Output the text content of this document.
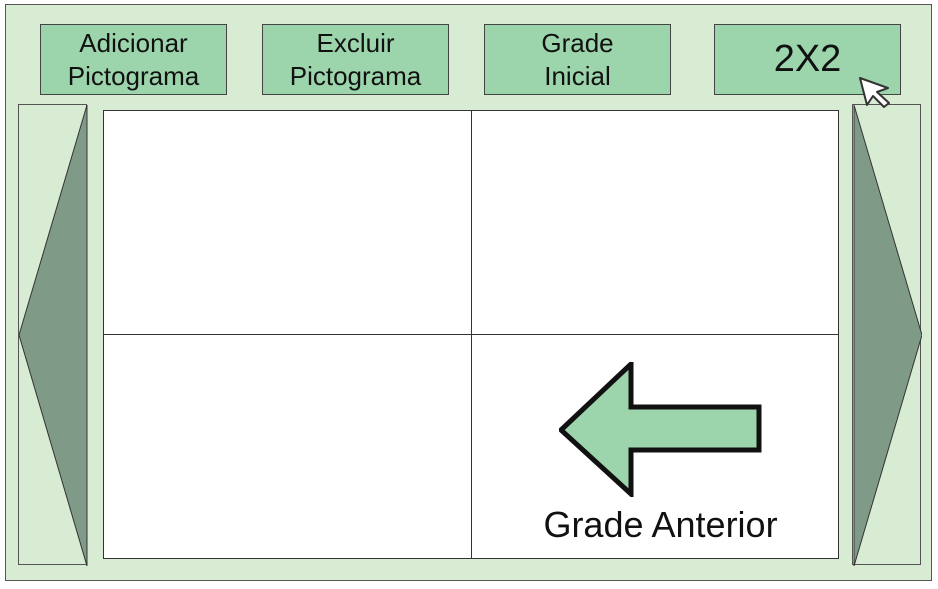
Adicionar
Pictograma
Excluir
Pictograma
Grade
Inicial	2X2
Grade Anterior
